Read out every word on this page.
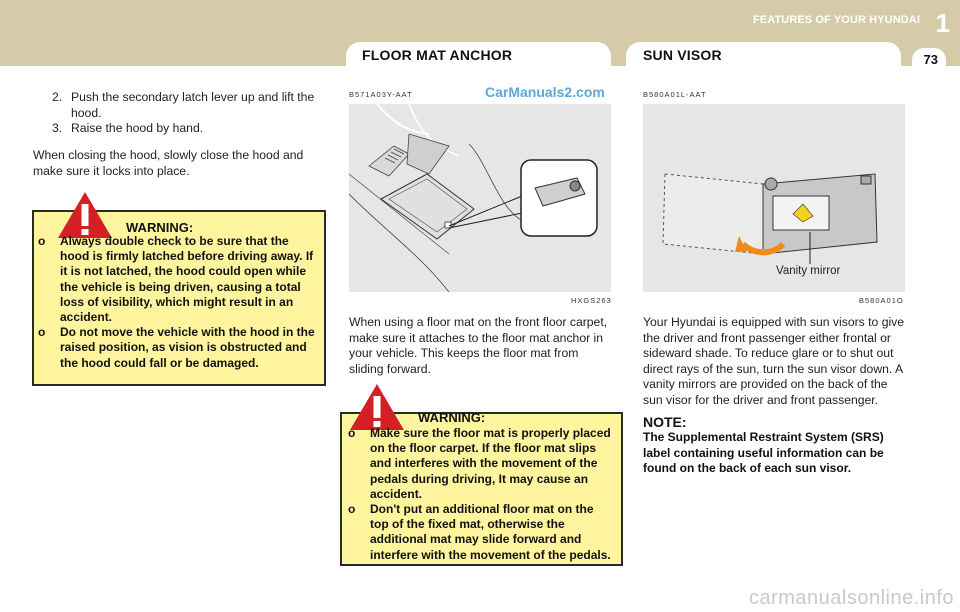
FEATURES OF YOUR HYUNDAI 1
73
FLOOR MAT ANCHOR	SUN VISOR
2. Push the secondary latch lever up and lift the hood.
3. Raise the hood by hand.
When closing the hood, slowly close the hood and make sure it locks into place.
WARNING:
o Always double check to be sure that the hood is firmly latched before driving away. If it is not latched, the hood could open while the vehicle is being driven, causing a total loss of visibility, which might result in an accident.
o Do not move the vehicle with the hood in the raised position, as vision is obstructed and the hood could fall or be damaged.
B571A03Y-AAT	CarManuals2.com
HXGS263
When using a floor mat on the front floor carpet, make sure it attaches to the floor mat anchor in your vehicle. This keeps the floor mat from sliding forward.
WARNING:
o Make sure the floor mat is properly placed on the floor carpet. If the floor mat slips and interferes with the movement of the pedals during driving, It may cause an accident.
o Don't put an additional floor mat on the top of the fixed mat, otherwise the additional mat may slide forward and interfere with the movement of the pedals.
B580A01L-AAT
Vanity mirror
B580A01O
Your Hyundai is equipped with sun visors to give the driver and front passenger either frontal or sideward shade. To reduce glare or to shut out direct rays of the sun, turn the sun visor down. A vanity mirrors are provided on the back of the sun visor for the driver and front passenger.
NOTE:
The Supplemental Restraint System (SRS) label containing useful information can be found on the back of each sun visor.
carmanualsonline.info
